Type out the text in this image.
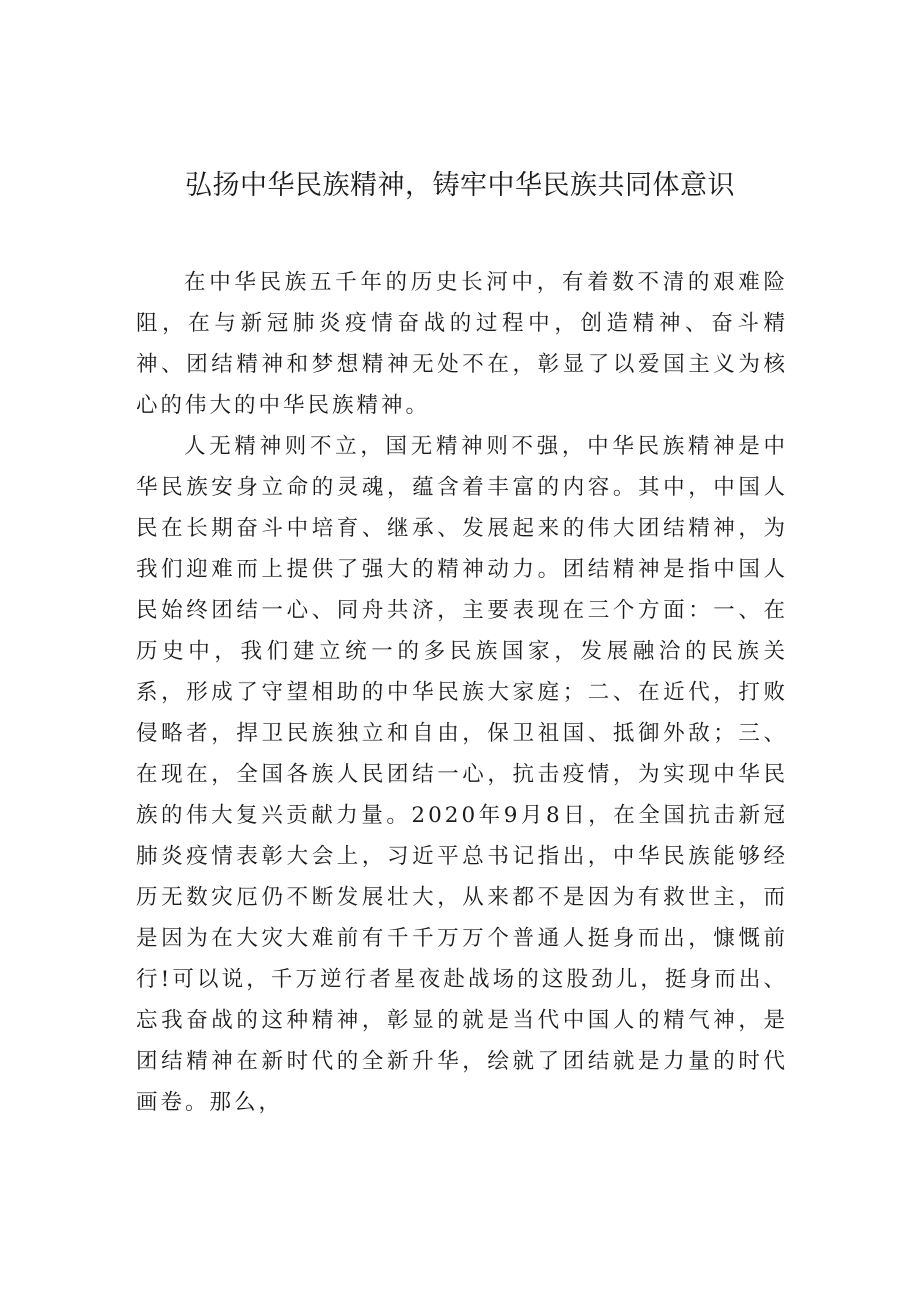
弘扬中华民族精神，铸牢中华民族共同体意识

在中华民族五千年的历史长河中，有着数不清的艰难险阻，在与新冠肺炎疫情奋战的过程中，创造精神、奋斗精神、团结精神和梦想精神无处不在，彰显了以爱国主义为核心的伟大的中华民族精神。

人无精神则不立，国无精神则不强，中华民族精神是中华民族安身立命的灵魂，蕴含着丰富的内容。其中，中国人民在长期奋斗中培育、继承、发展起来的伟大团结精神，为我们迎难而上提供了强大的精神动力。团结精神是指中国人民始终团结一心、同舟共济，主要表现在三个方面：一、在历史中，我们建立统一的多民族国家，发展融洽的民族关系，形成了守望相助的中华民族大家庭；二、在近代，打败侵略者，捍卫民族独立和自由，保卫祖国、抵御外敌；三、在现在，全国各族人民团结一心，抗击疫情，为实现中华民族的伟大复兴贡献力量。2020年9月8日，在全国抗击新冠肺炎疫情表彰大会上，习近平总书记指出，中华民族能够经历无数灾厄仍不断发展壮大，从来都不是因为有救世主，而是因为在大灾大难前有千千万万个普通人挺身而出，慷慨前行!可以说，千万逆行者星夜赴战场的这股劲儿，挺身而出、忘我奋战的这种精神，彰显的就是当代中国人的精气神，是团结精神在新时代的全新升华，绘就了团结就是力量的时代画卷。那么，
